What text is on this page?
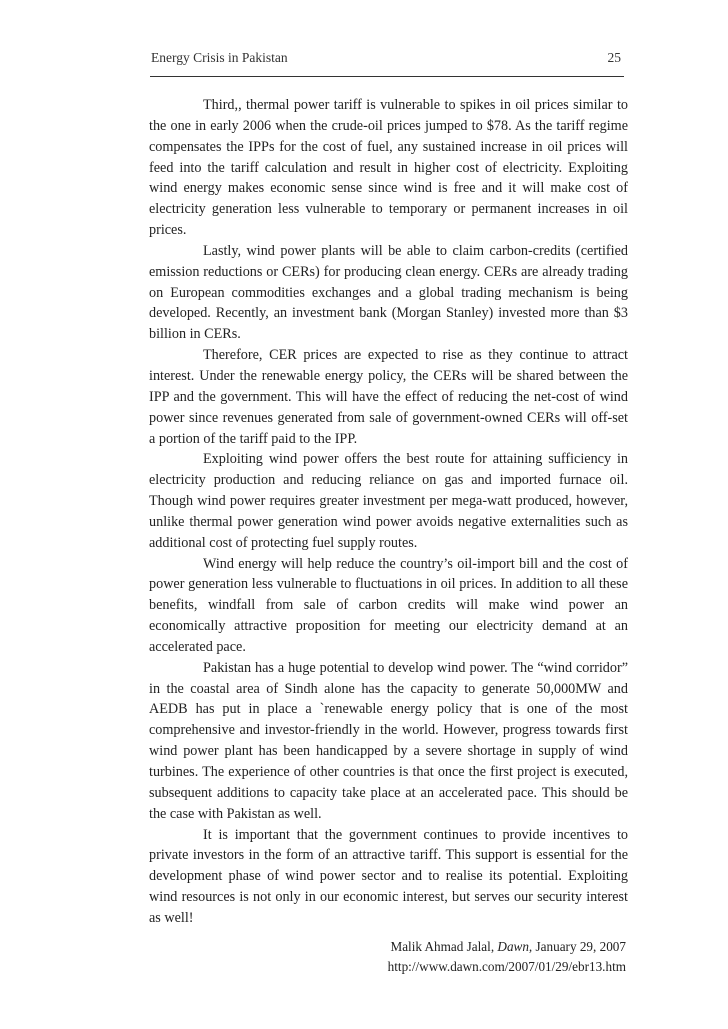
Energy Crisis in Pakistan	25

Third,, thermal power tariff is vulnerable to spikes in oil prices similar to the one in early 2006 when the crude-oil prices jumped to $78. As the tariff regime compensates the IPPs for the cost of fuel, any sustained increase in oil prices will feed into the tariff calculation and result in higher cost of electricity. Exploiting wind energy makes economic sense since wind is free and it will make cost of electricity generation less vulnerable to temporary or permanent increases in oil prices.

Lastly, wind power plants will be able to claim carbon-credits (certified emission reductions or CERs) for producing clean energy. CERs are already trading on European commodities exchanges and a global trading mechanism is being developed. Recently, an investment bank (Morgan Stanley) invested more than $3 billion in CERs.

Therefore, CER prices are expected to rise as they continue to attract interest. Under the renewable energy policy, the CERs will be shared between the IPP and the government. This will have the effect of reducing the net-cost of wind power since revenues generated from sale of government-owned CERs will off-set a portion of the tariff paid to the IPP.

Exploiting wind power offers the best route for attaining sufficiency in electricity production and reducing reliance on gas and imported furnace oil. Though wind power requires greater investment per mega-watt produced, however, unlike thermal power generation wind power avoids negative externalities such as additional cost of protecting fuel supply routes.

Wind energy will help reduce the country’s oil-import bill and the cost of power generation less vulnerable to fluctuations in oil prices. In addition to all these benefits, windfall from sale of carbon credits will make wind power an economically attractive proposition for meeting our electricity demand at an accelerated pace.

Pakistan has a huge potential to develop wind power. The “wind corridor” in the coastal area of Sindh alone has the capacity to generate 50,000MW and AEDB has put in place a `renewable energy policy that is one of the most comprehensive and investor-friendly in the world. However, progress towards first wind power plant has been handicapped by a severe shortage in supply of wind turbines. The experience of other countries is that once the first project is executed, subsequent additions to capacity take place at an accelerated pace. This should be the case with Pakistan as well.

It is important that the government continues to provide incentives to private investors in the form of an attractive tariff. This support is essential for the development phase of wind power sector and to realise its potential. Exploiting wind resources is not only in our economic interest, but serves our security interest as well!

Malik Ahmad Jalal, Dawn, January 29, 2007
http://www.dawn.com/2007/01/29/ebr13.htm
